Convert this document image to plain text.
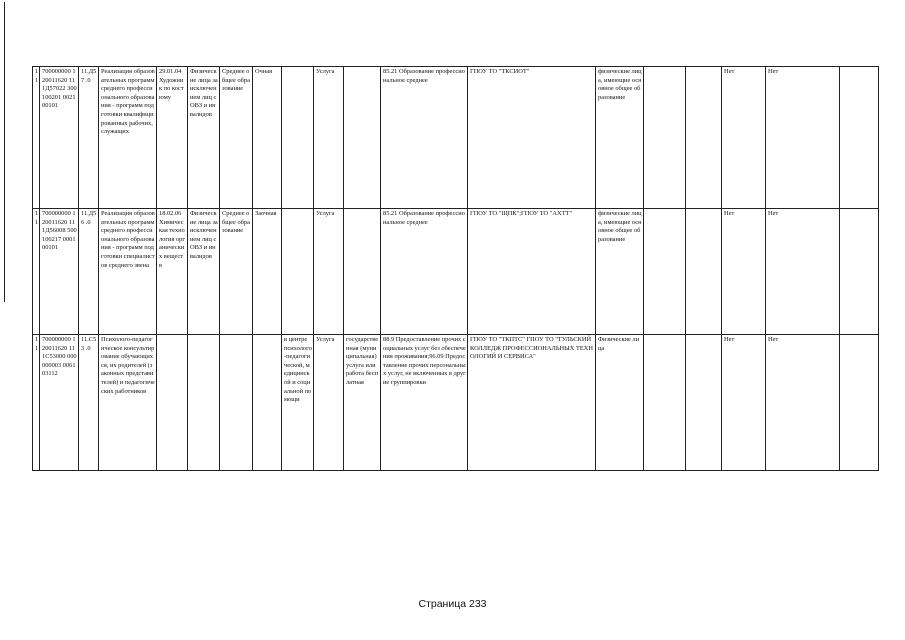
11	700000000 120011620 111Д57022 300100201 002100101	11.Д57 .0	Реализация образовательных программ среднего профессионального образования - программ подготовки квалифицированных рабочих, служащих	29.01.04 Художник по костюму	Физические лица за исключением лиц с ОВЗ и инвалидов	Среднее общее образование	Очная		Услуга		85.21 Образование профессиональное среднее	ГПОУ ТО "ТКСИОТ"	физические лица, имеющие основное общее образование			Нет	Нет	
11	700000000 120011620 111Д56008 500100217 000100101	11.Д56 .0	Реализация образовательных программ среднего профессионального образования - программ подготовки специалистов среднего звена	18.02.06 Химическая технология органических веществ	Физические лица за исключением лиц с ОВЗ и инвалидов	Среднее общее образование	Заочная		Услуга		85.21 Образование профессиональное среднее	ГПОУ ТО "ЩПК";ГПОУ ТО "АХТТ"	физические лица, имеющие основное общее образование			Нет	Нет	
11	700000000 120011620 111С53000 000000003 006103112	11.С53 .0	Психолого-педагогическое консультирование обучающихся, их родителей (законных представителей) и педагогических работников					в центре психолого-педагогической, медицинской и социальной помощи	Услуга	государственная (муниципальная) услуга или работа бесплатная	88.9 Предоставление прочих социальных услуг без обеспечения проживания;96.09 Предоставление прочих персональных услуг, не включенных в другие группировки	ГПОУ ТО "ТКПТС" ГПОУ ТО "ТУЛЬСКИЙ КОЛЛЕДЖ ПРОФЕССИОНАЛЬНЫХ ТЕХНОЛОГИЙ И СЕРВИСА"	Физические лица			Нет	Нет	
Страница 233
